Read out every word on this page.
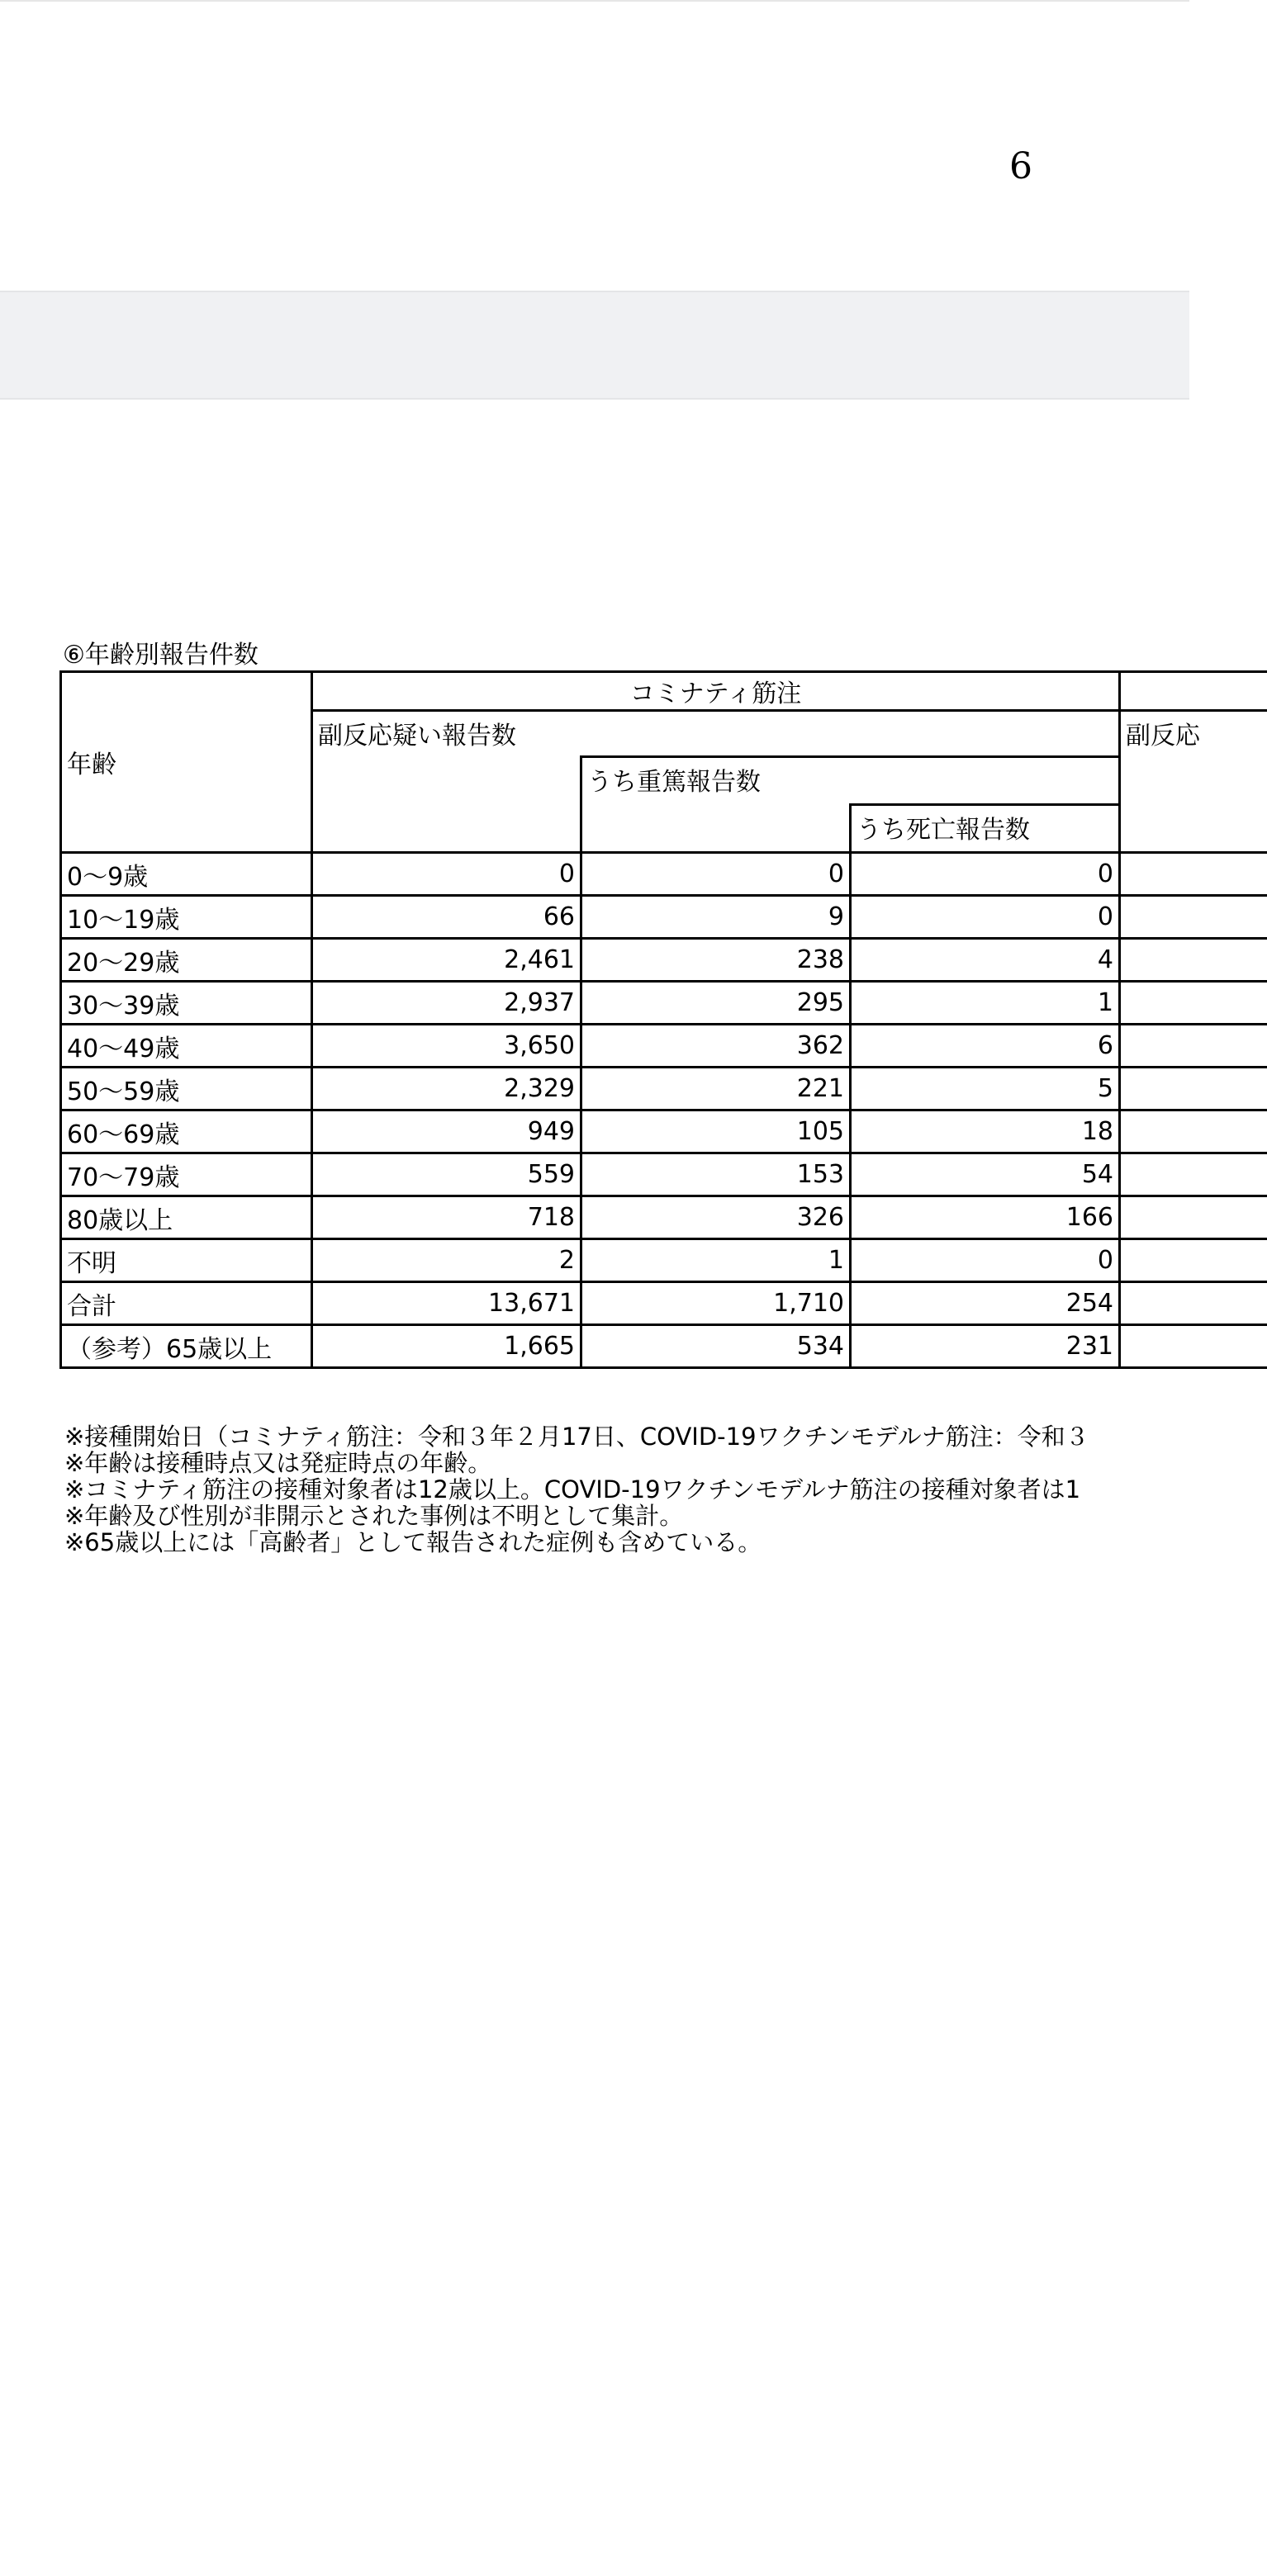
6
⑥年齢別報告件数
年齢	コミナティ筋注			
	副反応疑い報告数			副反応
		うち重篤報告数		
			うち死亡報告数	
0～9歳	0	0	0	
10～19歳	66	9	0	
20～29歳	2,461	238	4	
30～39歳	2,937	295	1	
40～49歳	3,650	362	6	
50～59歳	2,329	221	5	
60～69歳	949	105	18	
70～79歳	559	153	54	
80歳以上	718	326	166	
不明	2	1	0	
合計	13,671	1,710	254	
（参考）65歳以上	1,665	534	231	
※接種開始日（コミナティ筋注：令和３年２月17日、COVID-19ワクチンモデルナ筋注：令和３
※年齢は接種時点又は発症時点の年齢。
※コミナティ筋注の接種対象者は12歳以上。COVID-19ワクチンモデルナ筋注の接種対象者は1
※年齢及び性別が非開示とされた事例は不明として集計。
※65歳以上には「高齢者」として報告された症例も含めている。
